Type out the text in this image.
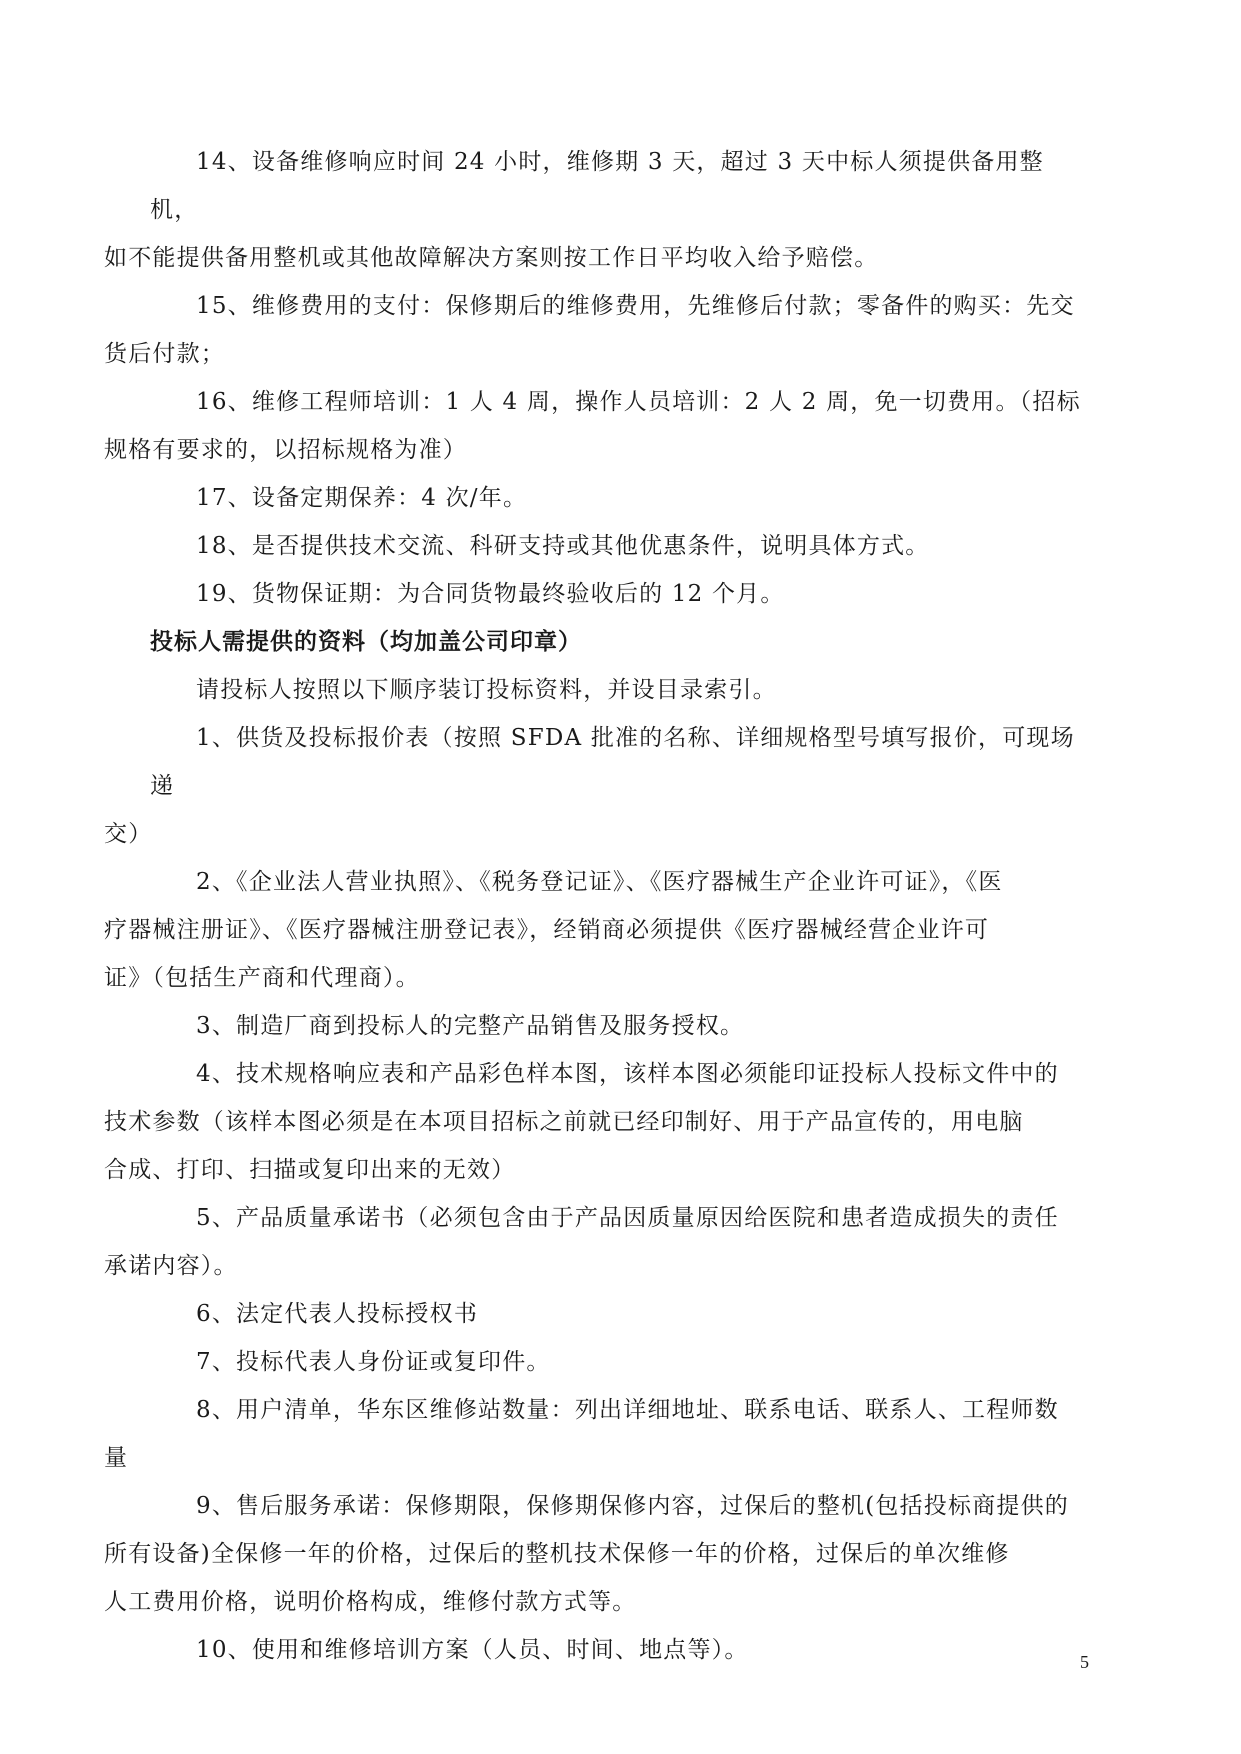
14、设备维修响应时间 24 小时，维修期 3 天，超过 3 天中标人须提供备用整机，
如不能提供备用整机或其他故障解决方案则按工作日平均收入给予赔偿。

15、维修费用的支付：保修期后的维修费用，先维修后付款；零备件的购买：先交
货后付款；

16、维修工程师培训：1 人 4 周，操作人员培训：2 人 2 周，免一切费用。（招标
规格有要求的，以招标规格为准）

17、设备定期保养：4 次/年。

18、是否提供技术交流、科研支持或其他优惠条件，说明具体方式。

19、货物保证期：为合同货物最终验收后的 12 个月。

投标人需提供的资料（均加盖公司印章）

请投标人按照以下顺序装订投标资料，并设目录索引。

1、供货及投标报价表（按照 SFDA 批准的名称、详细规格型号填写报价，可现场递
交）

2、《企业法人营业执照》、《税务登记证》、《医疗器械生产企业许可证》，《医
疗器械注册证》、《医疗器械注册登记表》，经销商必须提供《医疗器械经营企业许可
证》（包括生产商和代理商）。

3、制造厂商到投标人的完整产品销售及服务授权。

4、技术规格响应表和产品彩色样本图，该样本图必须能印证投标人投标文件中的
技术参数（该样本图必须是在本项目招标之前就已经印制好、用于产品宣传的，用电脑
合成、打印、扫描或复印出来的无效）

5、产品质量承诺书（必须包含由于产品因质量原因给医院和患者造成损失的责任
承诺内容）。

6、法定代表人投标授权书

7、投标代表人身份证或复印件。

8、用户清单，华东区维修站数量：列出详细地址、联系电话、联系人、工程师数
量

9、售后服务承诺：保修期限，保修期保修内容，过保后的整机(包括投标商提供的
所有设备)全保修一年的价格，过保后的整机技术保修一年的价格，过保后的单次维修
人工费用价格，说明价格构成，维修付款方式等。

10、使用和维修培训方案（人员、时间、地点等）。	5
